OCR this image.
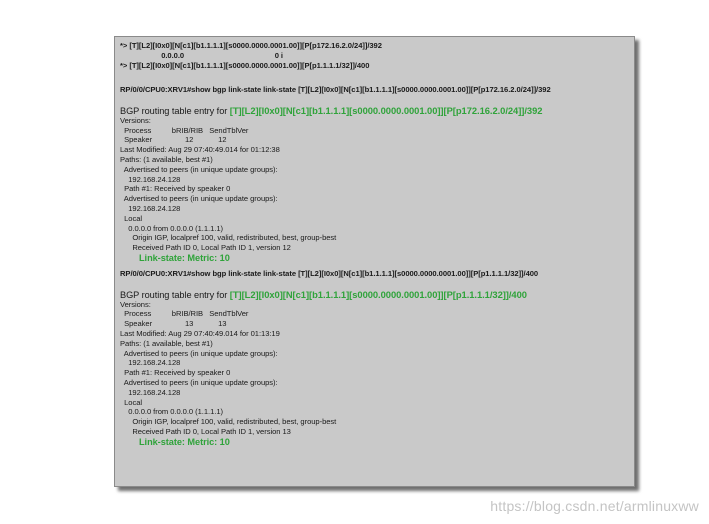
*> [T][L2][I0x0][N[c1][b1.1.1.1][s0000.0000.0001.00]][P[p172.16.2.0/24]]/392
0.0.0.0                                            0 i
*> [T][L2][I0x0][N[c1][b1.1.1.1][s0000.0000.0001.00]][P[p1.1.1.1/32]]/400
RP/0/0/CPU0:XRV1#show bgp link-state link-state [T][L2][I0x0][N[c1][b1.1.1.1][s0000.0000.0001.00]][P[p172.16.2.0/24]]/392
BGP routing table entry for [T][L2][I0x0][N[c1][b1.1.1.1][s0000.0000.0001.00]][P[p172.16.2.0/24]]/392
Versions:
Process          bRIB/RIB   SendTblVer
Speaker                12            12
Last Modified: Aug 29 07:40:49.014 for 01:12:38
Paths: (1 available, best #1)
Advertised to peers (in unique update groups):
192.168.24.128
Path #1: Received by speaker 0
Advertised to peers (in unique update groups):
192.168.24.128
Local
0.0.0.0 from 0.0.0.0 (1.1.1.1)
Origin IGP, localpref 100, valid, redistributed, best, group-best
Received Path ID 0, Local Path ID 1, version 12
Link-state: Metric: 10
RP/0/0/CPU0:XRV1#show bgp link-state link-state [T][L2][I0x0][N[c1][b1.1.1.1][s0000.0000.0001.00]][P[p1.1.1.1/32]]/400
BGP routing table entry for [T][L2][I0x0][N[c1][b1.1.1.1][s0000.0000.0001.00]][P[p1.1.1.1/32]]/400
Versions:
Process          bRIB/RIB   SendTblVer
Speaker                13            13
Last Modified: Aug 29 07:40:49.014 for 01:13:19
Paths: (1 available, best #1)
Advertised to peers (in unique update groups):
192.168.24.128
Path #1: Received by speaker 0
Advertised to peers (in unique update groups):
192.168.24.128
Local
0.0.0.0 from 0.0.0.0 (1.1.1.1)
Origin IGP, localpref 100, valid, redistributed, best, group-best
Received Path ID 0, Local Path ID 1, version 13
Link-state: Metric: 10
https://blog.csdn.net/armlinuxww
